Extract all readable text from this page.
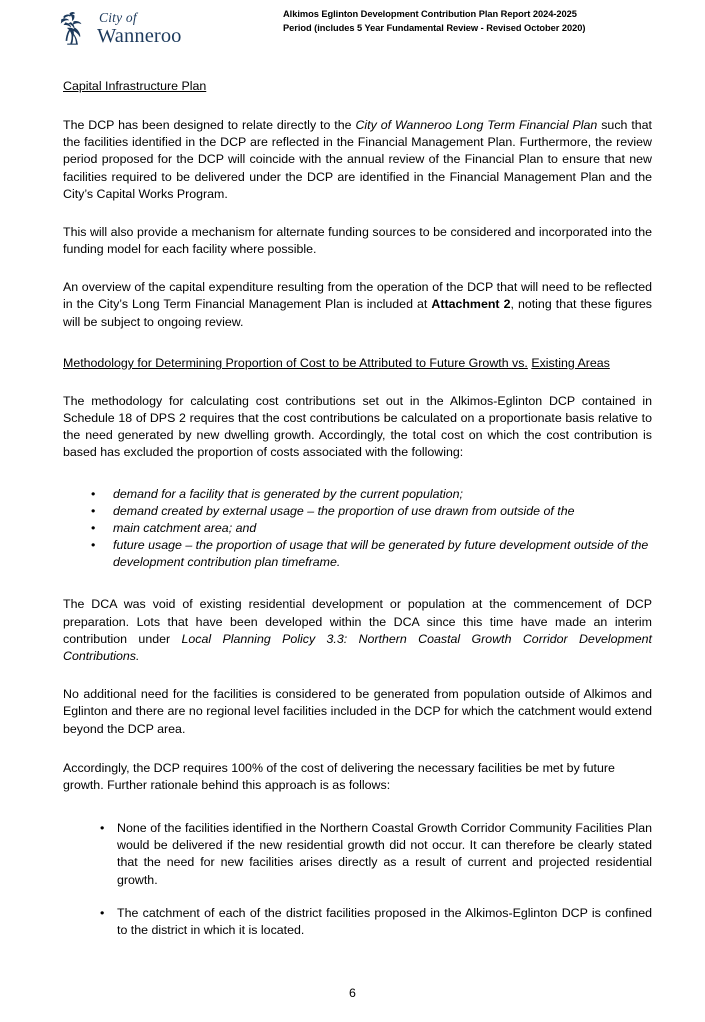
City of
Wanneroo
Alkimos Eglinton Development Contribution Plan Report 2024-2025
Period (includes 5 Year Fundamental Review - Revised October 2020)
Capital Infrastructure Plan

The DCP has been designed to relate directly to the City of Wanneroo Long Term Financial Plan such that the facilities identified in the DCP are reflected in the Financial Management Plan. Furthermore, the review period proposed for the DCP will coincide with the annual review of the Financial Plan to ensure that new facilities required to be delivered under the DCP are identified in the Financial Management Plan and the City’s Capital Works Program.

This will also provide a mechanism for alternate funding sources to be considered and incorporated into the funding model for each facility where possible.

An overview of the capital expenditure resulting from the operation of the DCP that will need to be reflected in the City’s Long Term Financial Management Plan is included at Attachment 2, noting that these figures will be subject to ongoing review.

Methodology for Determining Proportion of Cost to be Attributed to Future Growth vs. Existing Areas

The methodology for calculating cost contributions set out in the Alkimos-Eglinton DCP contained in Schedule 18 of DPS 2 requires that the cost contributions be calculated on a proportionate basis relative to the need generated by new dwelling growth. Accordingly, the total cost on which the cost contribution is based has excluded the proportion of costs associated with the following:

• demand for a facility that is generated by the current population;
• demand created by external usage – the proportion of use drawn from outside of the
• main catchment area; and
• future usage – the proportion of usage that will be generated by future development outside of the development contribution plan timeframe.

The DCA was void of existing residential development or population at the commencement of DCP preparation. Lots that have been developed within the DCA since this time have made an interim contribution under Local Planning Policy 3.3: Northern Coastal Growth Corridor Development Contributions.

No additional need for the facilities is considered to be generated from population outside of Alkimos and Eglinton and there are no regional level facilities included in the DCP for which the catchment would extend beyond the DCP area.

Accordingly, the DCP requires 100% of the cost of delivering the necessary facilities be met by future growth. Further rationale behind this approach is as follows:

• None of the facilities identified in the Northern Coastal Growth Corridor Community Facilities Plan would be delivered if the new residential growth did not occur. It can therefore be clearly stated that the need for new facilities arises directly as a result of current and projected residential growth.
• The catchment of each of the district facilities proposed in the Alkimos-Eglinton DCP is confined to the district in which it is located.
6
